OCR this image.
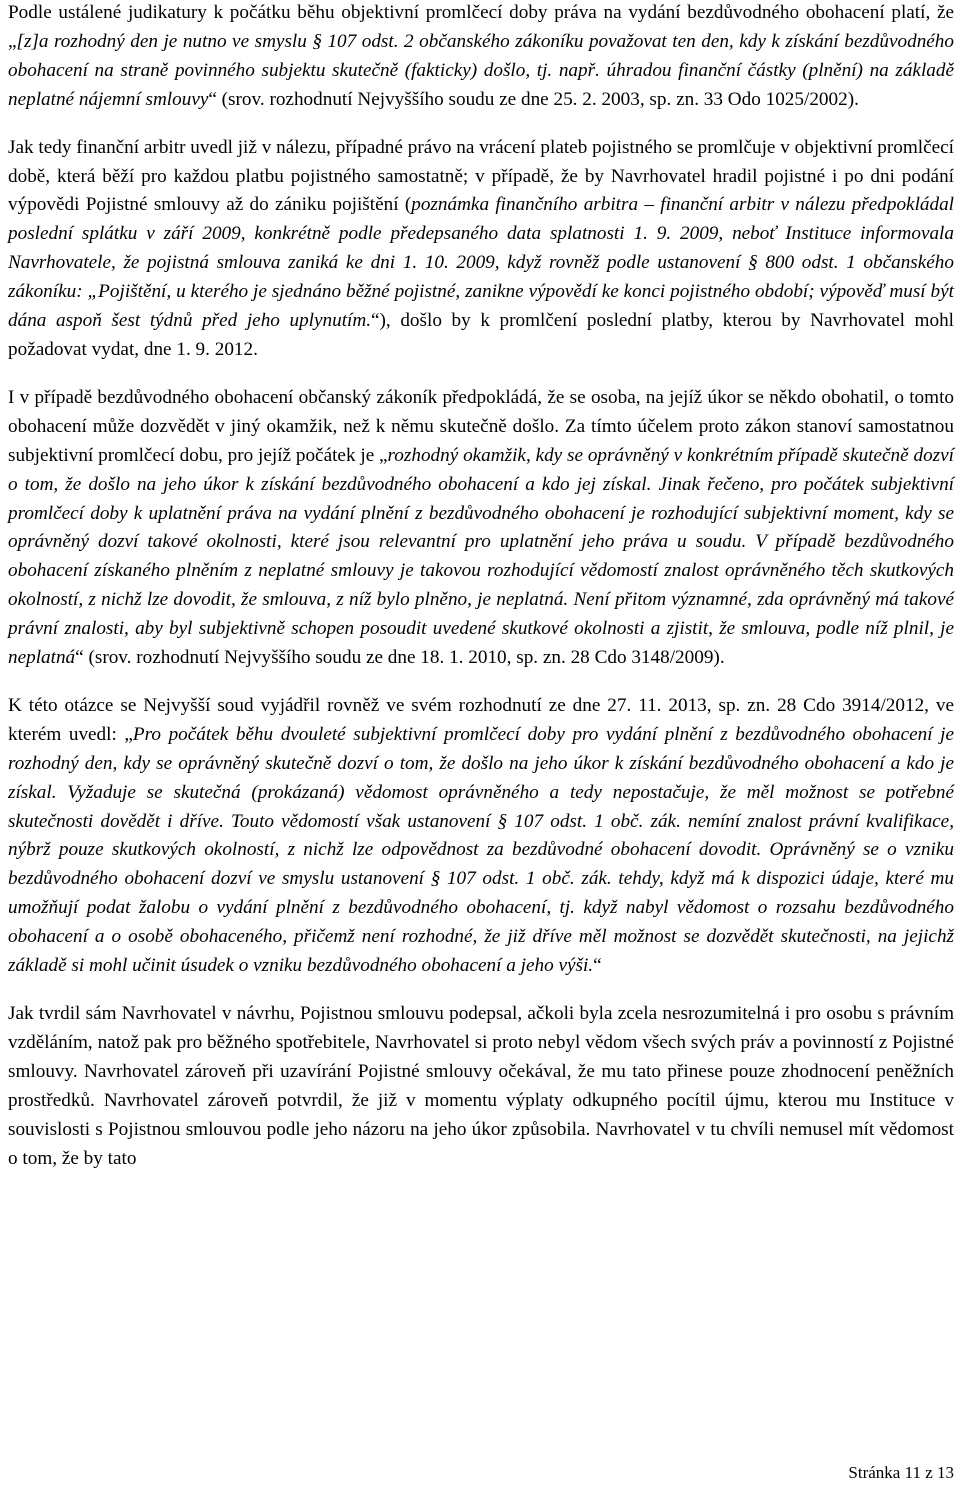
Podle ustálené judikatury k počátku běhu objektivní promlčecí doby práva na vydání bezdůvodného obohacení platí, že „[z]a rozhodný den je nutno ve smyslu § 107 odst. 2 občanského zákoníku považovat ten den, kdy k získání bezdůvodného obohacení na straně povinného subjektu skutečně (fakticky) došlo, tj. např. úhradou finanční částky (plnění) na základě neplatné nájemní smlouvy“ (srov. rozhodnutí Nejvyššího soudu ze dne 25. 2. 2003, sp. zn. 33 Odo 1025/2002).

Jak tedy finanční arbitr uvedl již v nálezu, případné právo na vrácení plateb pojistného se promlčuje v objektivní promlčecí době, která běží pro každou platbu pojistného samostatně; v případě, že by Navrhovatel hradil pojistné i po dni podání výpovědi Pojistné smlouvy až do zániku pojištění (poznámka finančního arbitra – finanční arbitr v nálezu předpokládal poslední splátku v září 2009, konkrétně podle předepsaného data splatnosti 1. 9. 2009, neboť Instituce informovala Navrhovatele, že pojistná smlouva zaniká ke dni 1. 10. 2009, když rovněž podle ustanovení § 800 odst. 1 občanského zákoníku: „Pojištění, u kterého je sjednáno běžné pojistné, zanikne výpovědí ke konci pojistného období; výpověď musí být dána aspoň šest týdnů před jeho uplynutím.“), došlo by k promlčení poslední platby, kterou by Navrhovatel mohl požadovat vydat, dne 1. 9. 2012.

I v případě bezdůvodného obohacení občanský zákoník předpokládá, že se osoba, na jejíž úkor se někdo obohatil, o tomto obohacení může dozvědět v jiný okamžik, než k němu skutečně došlo. Za tímto účelem proto zákon stanoví samostatnou subjektivní promlčecí dobu, pro jejíž počátek je „rozhodný okamžik, kdy se oprávněný v konkrétním případě skutečně dozví o tom, že došlo na jeho úkor k získání bezdůvodného obohacení a kdo jej získal. Jinak řečeno, pro počátek subjektivní promlčecí doby k uplatnění práva na vydání plnění z bezdůvodného obohacení je rozhodující subjektivní moment, kdy se oprávněný dozví takové okolnosti, které jsou relevantní pro uplatnění jeho práva u soudu. V případě bezdůvodného obohacení získaného plněním z neplatné smlouvy je takovou rozhodující vědomostí znalost oprávněného těch skutkových okolností, z nichž lze dovodit, že smlouva, z níž bylo plněno, je neplatná. Není přitom významné, zda oprávněný má takové právní znalosti, aby byl subjektivně schopen posoudit uvedené skutkové okolnosti a zjistit, že smlouva, podle níž plnil, je neplatná“ (srov. rozhodnutí Nejvyššího soudu ze dne 18. 1. 2010, sp. zn. 28 Cdo 3148/2009).

K této otázce se Nejvyšší soud vyjádřil rovněž ve svém rozhodnutí ze dne 27. 11. 2013, sp. zn. 28 Cdo 3914/2012, ve kterém uvedl: „Pro počátek běhu dvouleté subjektivní promlčecí doby pro vydání plnění z bezdůvodného obohacení je rozhodný den, kdy se oprávněný skutečně dozví o tom, že došlo na jeho úkor k získání bezdůvodného obohacení a kdo je získal. Vyžaduje se skutečná (prokázaná) vědomost oprávněného a tedy nepostačuje, že měl možnost se potřebné skutečnosti dovědět i dříve. Touto vědomostí však ustanovení § 107 odst. 1 obč. zák. nemíní znalost právní kvalifikace, nýbrž pouze skutkových okolností, z nichž lze odpovědnost za bezdůvodné obohacení dovodit. Oprávněný se o vzniku bezdůvodného obohacení dozví ve smyslu ustanovení § 107 odst. 1 obč. zák. tehdy, když má k dispozici údaje, které mu umožňují podat žalobu o vydání plnění z bezdůvodného obohacení, tj. když nabyl vědomost o rozsahu bezdůvodného obohacení a o osobě obohaceného, přičemž není rozhodné, že již dříve měl možnost se dozvědět skutečnosti, na jejichž základě si mohl učinit úsudek o vzniku bezdůvodného obohacení a jeho výši.“

Jak tvrdil sám Navrhovatel v návrhu, Pojistnou smlouvu podepsal, ačkoli byla zcela nesrozumitelná i pro osobu s právním vzděláním, natož pak pro běžného spotřebitele, Navrhovatel si proto nebyl vědom všech svých práv a povinností z Pojistné smlouvy. Navrhovatel zároveň při uzavírání Pojistné smlouvy očekával, že mu tato přinese pouze zhodnocení peněžních prostředků. Navrhovatel zároveň potvrdil, že již v momentu výplaty odkupného pocítil újmu, kterou mu Instituce v souvislosti s Pojistnou smlouvou podle jeho názoru na jeho úkor způsobila. Navrhovatel v tu chvíli nemusel mít vědomost o tom, že by tato

Stránka 11 z 13
